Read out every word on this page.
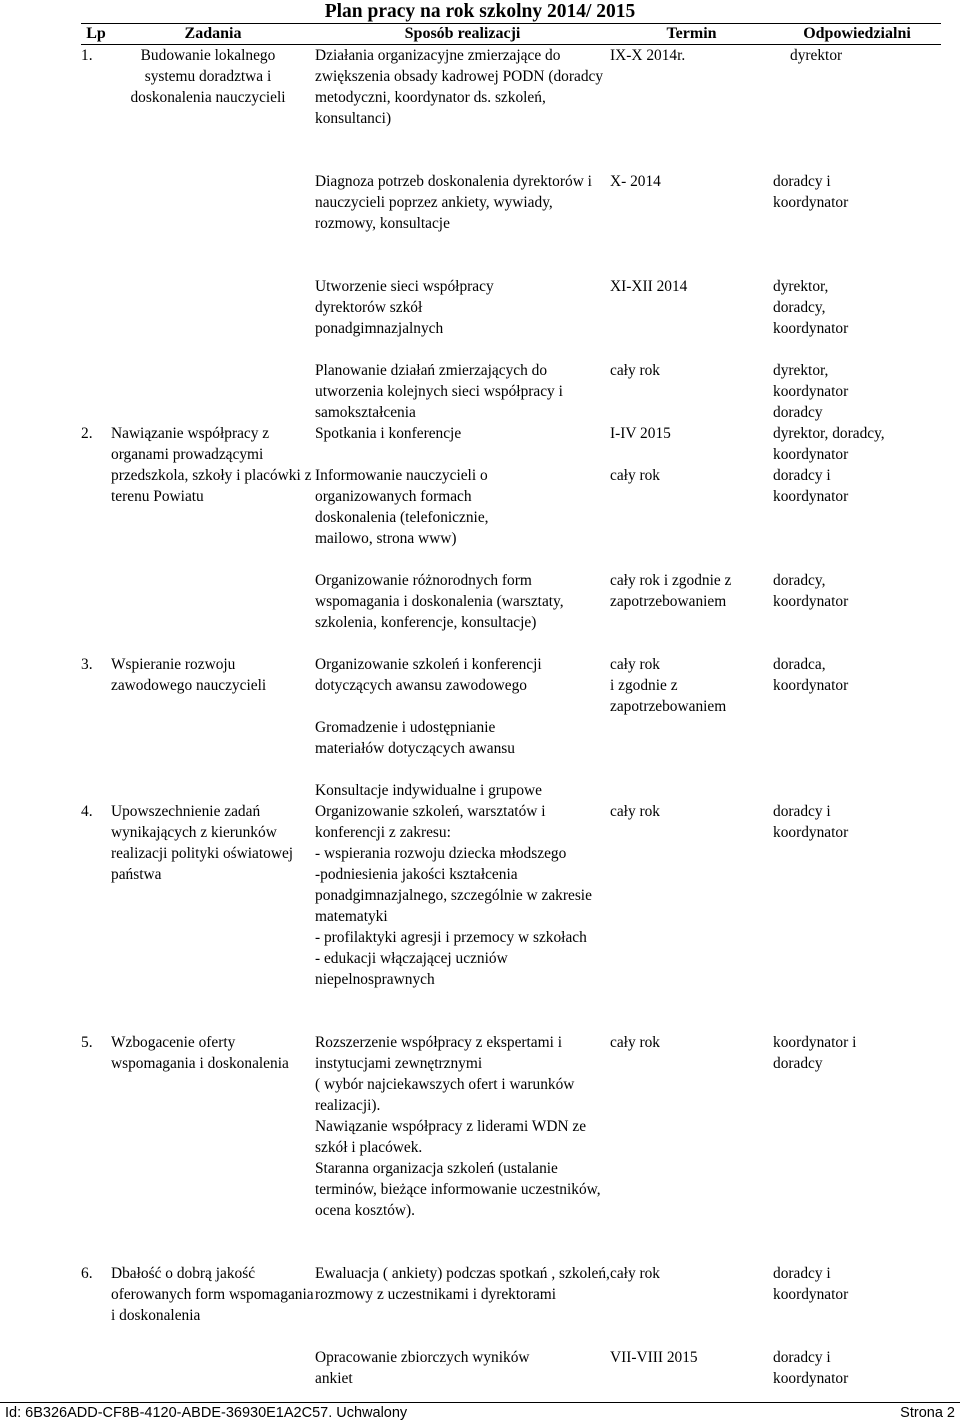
Plan pracy na rok szkolny 2014/ 2015
Lp	Zadania	Sposób realizacji	Termin	Odpowiedzialni
1.	Budowanie lokalnego systemu doradztwa i doskonalenia nauczycieli	Działania organizacyjne zmierzające do zwiększenia obsady kadrowej PODN (doradcy metodyczni, koordynator ds. szkoleń, konsultanci)	IX-X 2014r.	dyrektor
		Diagnoza potrzeb doskonalenia dyrektorów i nauczycieli poprzez ankiety, wywiady, rozmowy, konsultacje	X- 2014	doradcy i koordynator
		Utworzenie sieci współpracy dyrektorów szkół ponadgimnazjalnych	XI-XII 2014	dyrektor, doradcy, koordynator
		Planowanie działań zmierzających do utworzenia kolejnych sieci współpracy i samokształcenia	cały rok	dyrektor, koordynator doradcy
2.	Nawiązanie współpracy z organami prowadzącymi przedszkola, szkoły i placówki z terenu Powiatu	Spotkania i konferencje	I-IV 2015	dyrektor, doradcy, koordynator
		Informowanie nauczycieli o organizowanych formach doskonalenia (telefonicznie, mailowo, strona www)	cały rok	doradcy i koordynator
		Organizowanie różnorodnych form wspomagania i doskonalenia (warsztaty, szkolenia, konferencje, konsultacje)	cały rok i zgodnie z zapotrzebowaniem	doradcy, koordynator
3.	Wspieranie rozwoju zawodowego nauczycieli	Organizowanie szkoleń i konferencji dotyczących awansu zawodowego	cały rok
i zgodnie z
zapotrzebowaniem	doradca, koordynator
		Gromadzenie i udostępnianie materiałów dotyczących awansu		
		Konsultacje indywidualne i grupowe		
4.	Upowszechnienie zadań wynikających z kierunków realizacji polityki oświatowej państwa	Organizowanie szkoleń, warsztatów i konferencji z zakresu:
- wspierania rozwoju dziecka młodszego
-podniesienia jakości kształcenia ponadgimnazjalnego, szczególnie w zakresie matematyki
- profilaktyki agresji i przemocy w szkołach
- edukacji włączającej uczniów niepelnosprawnych	cały rok	doradcy i koordynator
5.	Wzbogacenie oferty wspomagania i doskonalenia	Rozszerzenie współpracy z ekspertami i instytucjami zewnętrznymi
( wybór najciekawszych ofert i warunków realizacji).
Nawiązanie współpracy z liderami WDN ze szkół i placówek.
Staranna organizacja szkoleń (ustalanie terminów, bieżące informowanie uczestników, ocena kosztów).	cały rok	koordynator i doradcy
6.	Dbałość o dobrą jakość oferowanych form wspomagania i doskonalenia	Ewaluacja ( ankiety) podczas spotkań , szkoleń, rozmowy z uczestnikami i dyrektorami	cały rok	doradcy i koordynator
		Opracowanie zbiorczych wyników ankiet	VII-VIII 2015	doradcy i koordynator
Id: 6B326ADD-CF8B-4120-ABDE-36930E1A2C57. Uchwalony	Strona 2
